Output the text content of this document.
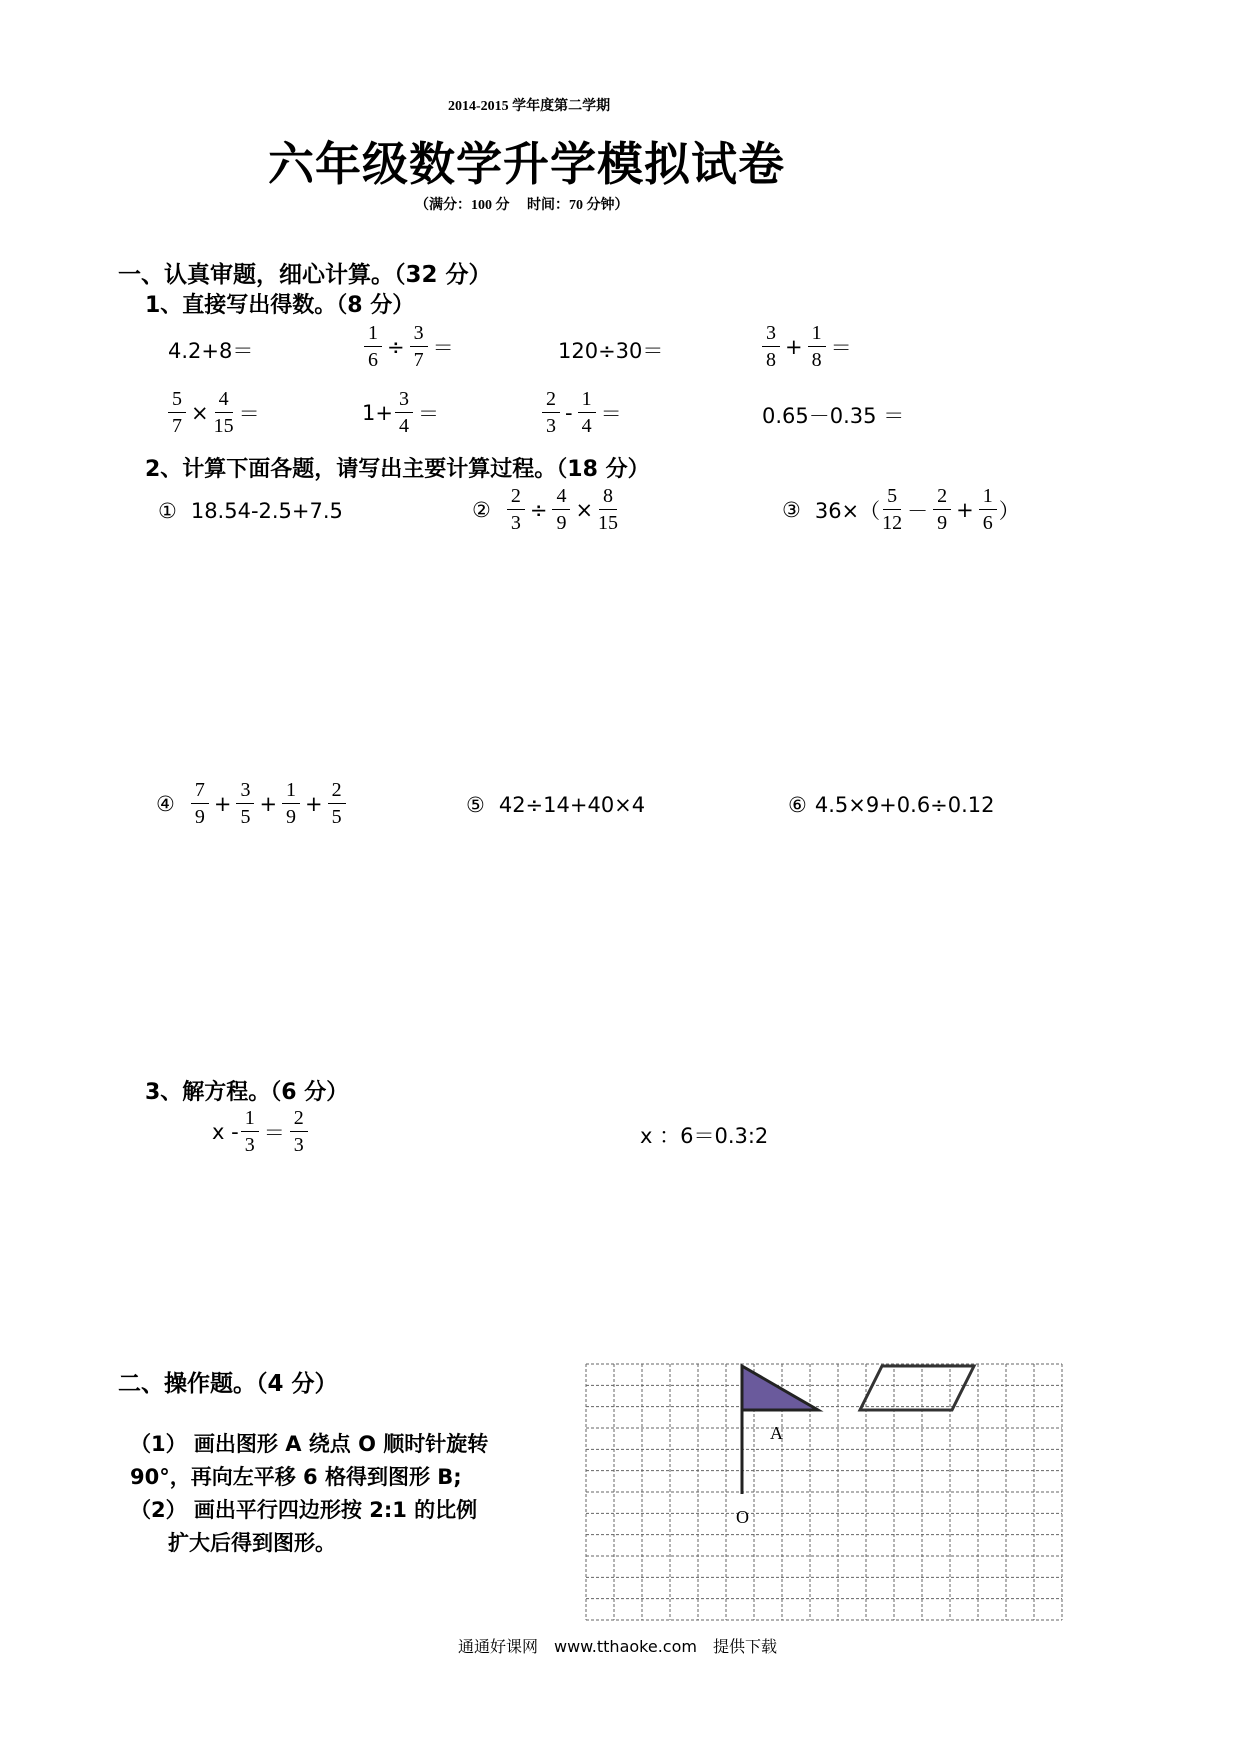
2014-2015 学年度第二学期
六年级数学升学模拟试卷
（满分：100 分　 时间：70 分钟）
一、认真审题，细心计算。（32 分）
1、直接写出得数。（8 分）
4.2+8＝	$\frac{1}{6} \div \frac{3}{7}$ ＝	120÷30＝	$\frac{3}{8} + \frac{1}{8}$ ＝
$\frac{5}{7} \times \frac{4}{15}$ ＝	$1+ \frac{3}{4}$ ＝	$\frac{2}{3} - \frac{1}{4}$ ＝	0.65－0.35 ＝
2、计算下面各题，请写出主要计算过程。（18 分）
① 18.54-2.5+7.5	② $\frac{2}{3} \div \frac{4}{9} \times \frac{8}{15}$	③ $36\times( \frac{5}{12} - \frac{2}{9} + \frac{1}{6}$ ）
④ $\frac{7}{9} + \frac{3}{5} + \frac{1}{9} + \frac{2}{5}$	⑤ 42÷14+40×4	⑥ 4.5×9+0.6÷0.12
3、解方程。（6 分）
$x - \frac{1}{3} = \frac{2}{3}$	x ：6＝0.3:2
二、操作题。（4 分）
（1） 画出图形 A 绕点 O 顺时针旋转
90°，再向左平移 6 格得到图形 B;
（2） 画出平行四边形按 2:1 的比例
扩大后得到图形。
A
O
通通好课网　www.tthaoke.com　提供下载
